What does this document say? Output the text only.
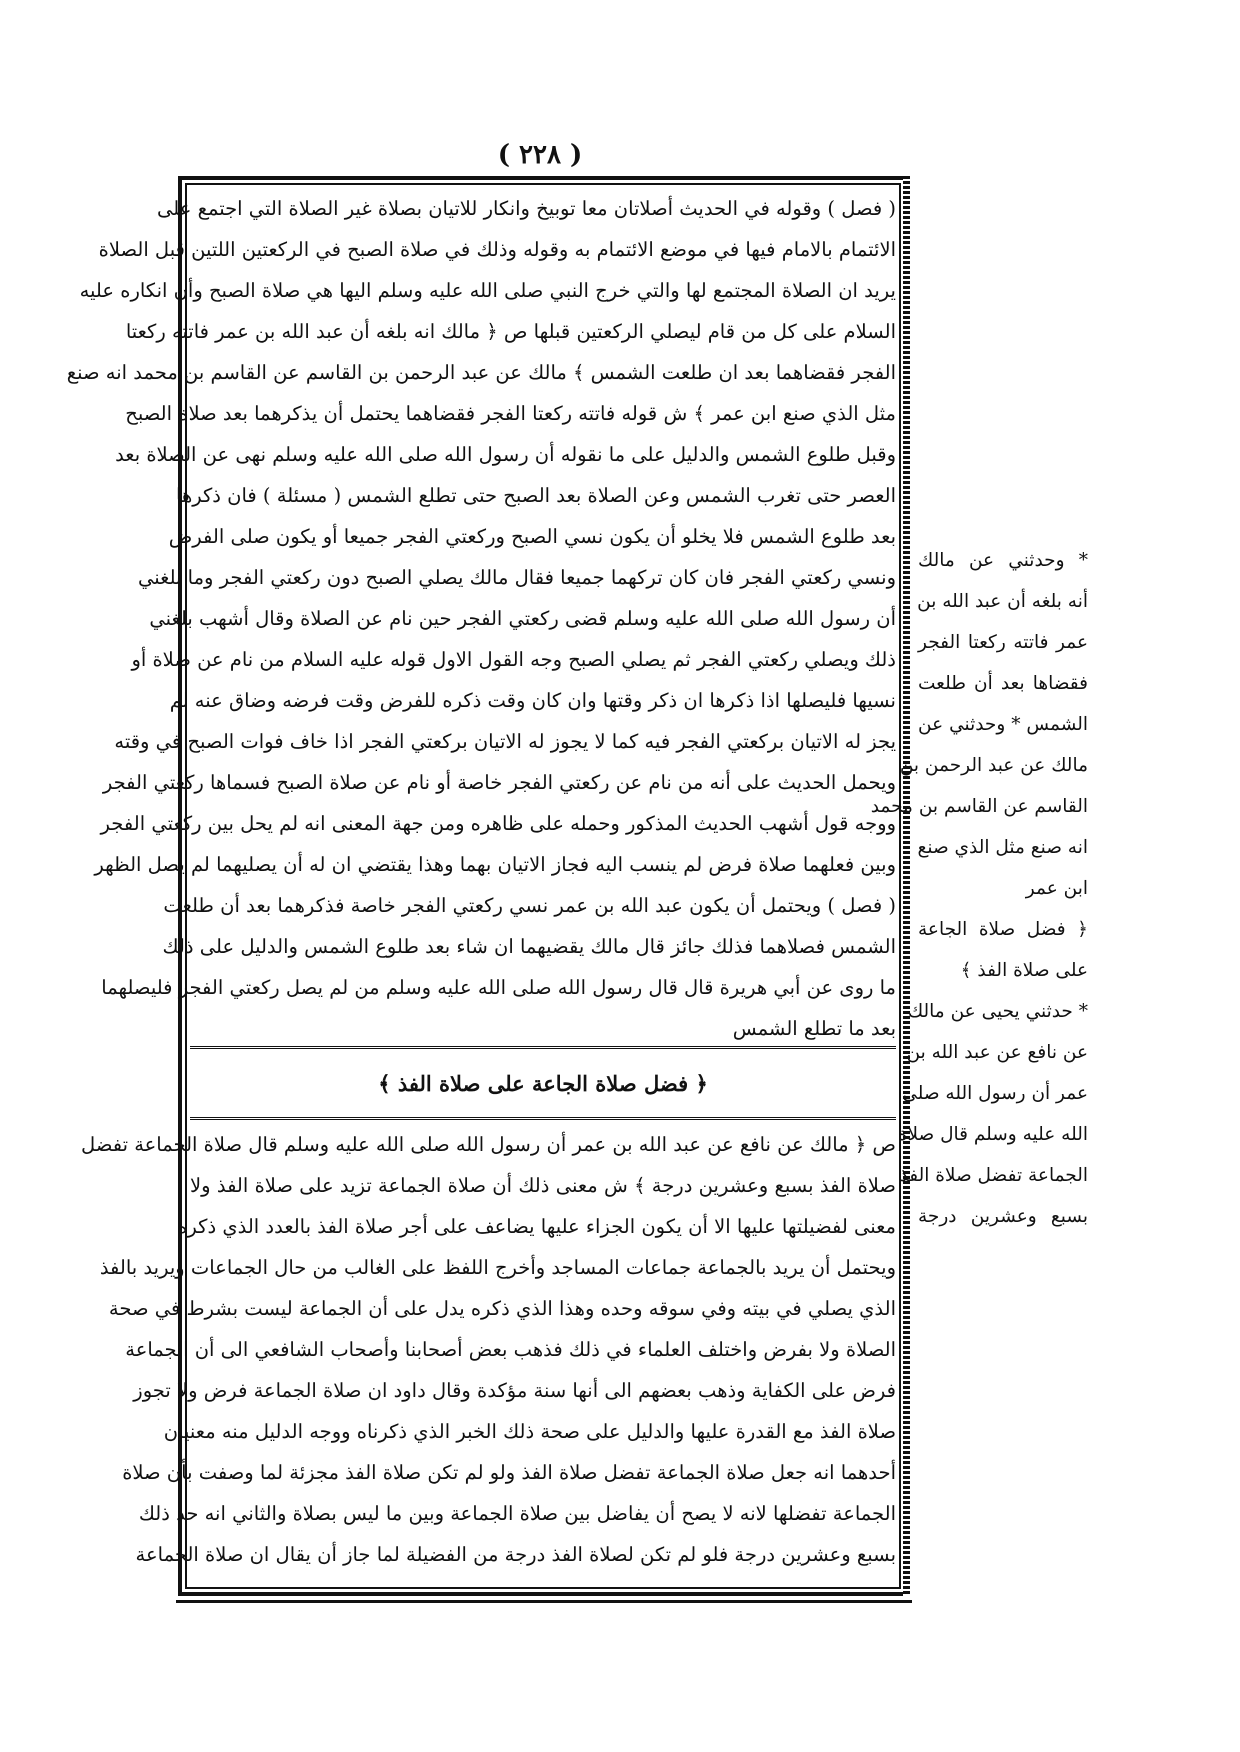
( ٢٢٨ )
( فصل ) وقوله في الحديث أصلاتان معا توبيخ وانكار للاتيان بصلاة غير الصلاة التي اجتمع على
الائتمام بالامام فيها في موضع الائتمام به وقوله وذلك في صلاة الصبح في الركعتين اللتين قبل الصلاة
يريد ان الصلاة المجتمع لها والتي خرج النبي صلى الله عليه وسلم اليها هي صلاة الصبح وأن انكاره عليه
السلام على كل من قام ليصلي الركعتين قبلها ص ﴿ مالك انه بلغه أن عبد الله بن عمر فاتته ركعتا
الفجر فقضاهما بعد ان طلعت الشمس ﴾ مالك عن عبد الرحمن بن القاسم عن القاسم بن محمد انه صنع
مثل الذي صنع ابن عمر ﴾ ش قوله فاتته ركعتا الفجر فقضاهما يحتمل أن يذكرهما بعد صلاة الصبح
وقبل طلوع الشمس والدليل على ما نقوله أن رسول الله صلى الله عليه وسلم نهى عن الصلاة بعد
العصر حتى تغرب الشمس وعن الصلاة بعد الصبح حتى تطلع الشمس ( مسئلة ) فان ذكرها
بعد طلوع الشمس فلا يخلو أن يكون نسي الصبح وركعتي الفجر جميعا أو يكون صلى الفرض
ونسي ركعتي الفجر فان كان تركهما جميعا فقال مالك يصلي الصبح دون ركعتي الفجر وما بلغني
أن رسول الله صلى الله عليه وسلم قضى ركعتي الفجر حين نام عن الصلاة وقال أشهب بلغني
ذلك ويصلي ركعتي الفجر ثم يصلي الصبح وجه القول الاول قوله عليه السلام من نام عن صلاة أو
نسيها فليصلها اذا ذكرها ان ذكر وقتها وان كان وقت ذكره للفرض وقت فرضه وضاق عنه لم
يجز له الاتيان بركعتي الفجر فيه كما لا يجوز له الاتيان بركعتي الفجر اذا خاف فوات الصبح في وقته
ويحمل الحديث على أنه من نام عن ركعتي الفجر خاصة أو نام عن صلاة الصبح فسماها ركعتي الفجر
ووجه قول أشهب الحديث المذكور وحمله على ظاهره ومن جهة المعنى انه لم يحل بين ركعتي الفجر
وبين فعلهما صلاة فرض لم ينسب اليه فجاز الاتيان بهما وهذا يقتضي ان له أن يصليهما لم يصل الظهر
( فصل ) ويحتمل أن يكون عبد الله بن عمر نسي ركعتي الفجر خاصة فذكرهما بعد أن طلعت
الشمس فصلاهما فذلك جائز قال مالك يقضيهما ان شاء بعد طلوع الشمس والدليل على ذلك
ما روى عن أبي هريرة قال قال رسول الله صلى الله عليه وسلم من لم يصل ركعتي الفجر فليصلهما
بعد ما تطلع الشمس
﴿ فضل صلاة الجاعة على صلاة الفذ ﴾
ص ﴿ مالك عن نافع عن عبد الله بن عمر أن رسول الله صلى الله عليه وسلم قال صلاة الجماعة تفضل
صلاة الفذ بسبع وعشرين درجة ﴾ ش معنى ذلك أن صلاة الجماعة تزيد على صلاة الفذ ولا
معنى لفضيلتها عليها الا أن يكون الجزاء عليها يضاعف على أجر صلاة الفذ بالعدد الذي ذكره
ويحتمل أن يريد بالجماعة جماعات المساجد وأخرج اللفظ على الغالب من حال الجماعات ويريد بالفذ
الذي يصلي في بيته وفي سوقه وحده وهذا الذي ذكره يدل على أن الجماعة ليست بشرط في صحة
الصلاة ولا بفرض واختلف العلماء في ذلك فذهب بعض أصحابنا وأصحاب الشافعي الى أن الجماعة
فرض على الكفاية وذهب بعضهم الى أنها سنة مؤكدة وقال داود ان صلاة الجماعة فرض ولا تجوز
صلاة الفذ مع القدرة عليها والدليل على صحة ذلك الخبر الذي ذكرناه ووجه الدليل منه معنيان
أحدهما انه جعل صلاة الجماعة تفضل صلاة الفذ ولو لم تكن صلاة الفذ مجزئة لما وصفت بأن صلاة
الجماعة تفضلها لانه لا يصح أن يفاضل بين صلاة الجماعة وبين ما ليس بصلاة والثاني انه حد ذلك
بسبع وعشرين درجة فلو لم تكن لصلاة الفذ درجة من الفضيلة لما جاز أن يقال ان صلاة الجماعة
* وحدثني عن مالك
أنه بلغه أن عبد الله بن
عمر فاتته ركعتا الفجر
فقضاها بعد أن طلعت
الشمس * وحدثني عن
مالك عن عبد الرحمن بن
القاسم عن القاسم بن محمد
انه صنع مثل الذي صنع
ابن عمر
﴿ فضل صلاة الجاعة
على صلاة الفذ ﴾
* حدثني يحيى عن مالك
عن نافع عن عبد الله بن
عمر أن رسول الله صلى
الله عليه وسلم قال صلاة
الجماعة تفضل صلاة الفذ
بسبع وعشرين درجة
